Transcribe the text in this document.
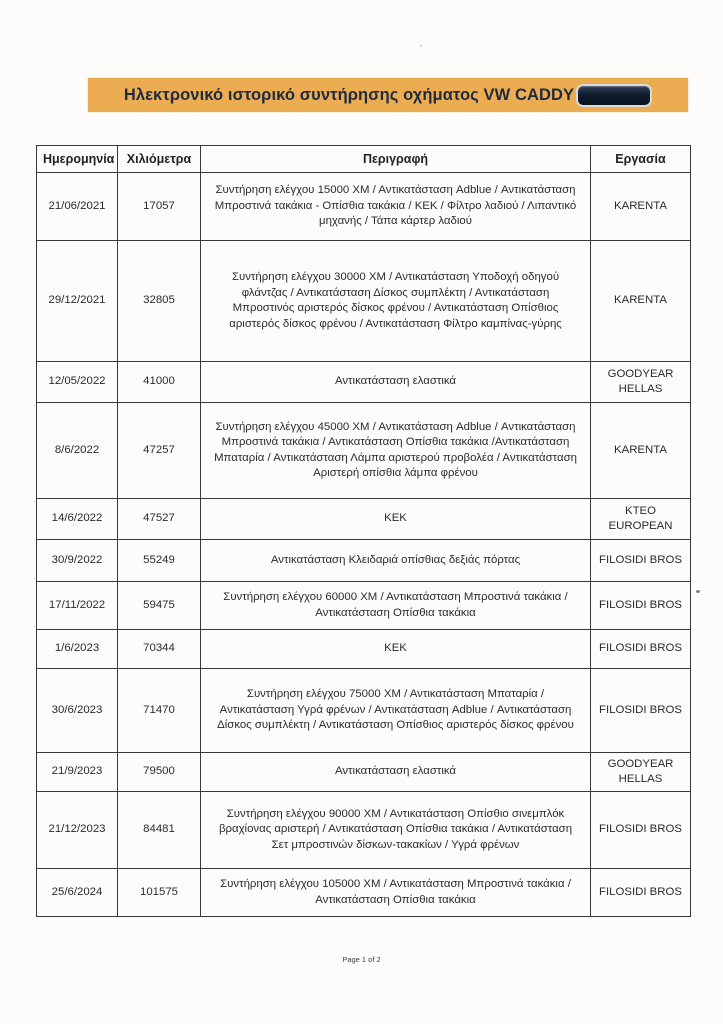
Ηλεκτρονικό ιστορικό συντήρησης οχήματος VW CADDY
Ημερομηνία	Χιλιόμετρα	Περιγραφή	Εργασία
21/06/2021	17057	Συντήρηση ελέγχου 15000 ΧΜ / Αντικατάσταση Adblue / Αντικατάσταση Μπροστινά τακάκια - Οπίσθια τακάκια / ΚΕΚ / Φίλτρο λαδιού / Λιπαντικό μηχανής / Τάπα κάρτερ λαδιού	KARENTA
29/12/2021	32805	Συντήρηση ελέγχου 30000 ΧΜ / Αντικατάσταση Υποδοχή οδηγού φλάντζας / Αντικατάσταση Δίσκος συμπλέκτη / Αντικατάσταση Μπροστινός αριστερός δίσκος φρένου / Αντικατάσταση Οπίσθιος αριστερός δίσκος φρένου / Αντικατάσταση Φίλτρο καμπίνας-γύρης	KARENTA
12/05/2022	41000	Αντικατάσταση ελαστικά	GOODYEAR HELLAS
8/6/2022	47257	Συντήρηση ελέγχου 45000 ΧΜ / Αντικατάσταση Adblue / Αντικατάσταση Μπροστινά τακάκια / Αντικατάσταση Οπίσθια τακάκια /Αντικατάσταση Μπαταρία / Αντικατάσταση Λάμπα αριστερού προβολέα / Αντικατάσταση Αριστερή οπίσθια λάμπα φρένου	KARENTA
14/6/2022	47527	ΚΕΚ	KTEO EUROPEAN
30/9/2022	55249	Αντικατάσταση Κλειδαριά οπίσθιας δεξιάς πόρτας	FILOSIDI BROS
17/11/2022	59475	Συντήρηση ελέγχου 60000 ΧΜ / Αντικατάσταση Μπροστινά τακάκια / Αντικατάσταση Οπίσθια τακάκια	FILOSIDI BROS
1/6/2023	70344	ΚΕΚ	FILOSIDI BROS
30/6/2023	71470	Συντήρηση ελέγχου 75000 ΧΜ / Αντικατάσταση Μπαταρία / Αντικατάσταση Υγρά φρένων / Αντικατάσταση Adblue / Αντικατάσταση Δίσκος συμπλέκτη / Αντικατάσταση Οπίσθιος αριστερός δίσκος φρένου	FILOSIDI BROS
21/9/2023	79500	Αντικατάσταση ελαστικά	GOODYEAR HELLAS
21/12/2023	84481	Συντήρηση ελέγχου 90000 ΧΜ / Αντικατάσταση Οπίσθιο σινεμπλόκ βραχίονας αριστερή / Αντικατάσταση Οπίσθια τακάκια / Αντικατάσταση Σετ μπροστινών δίσκων-τακακίων / Υγρά φρένων	FILOSIDI BROS
25/6/2024	101575	Συντήρηση ελέγχου 105000 ΧΜ / Αντικατάσταση Μπροστινά τακάκια / Αντικατάσταση Οπίσθια τακάκια	FILOSIDI BROS
Page 1 of 2
